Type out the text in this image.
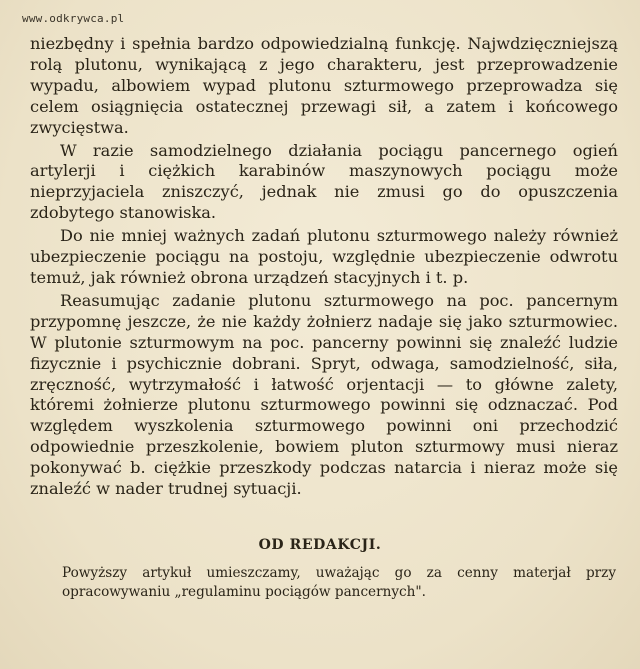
www.odkrywca.pl

niezbędny i spełnia bardzo odpowiedzialną funkcję. Najwdzięczniejszą rolą plutonu, wynikającą z jego charakteru, jest przeprowadzenie wypadu, albowiem wypad plutonu szturmowego przeprowadza się celem osiągnięcia ostatecznej przewagi sił, a zatem i końcowego zwycięstwa.

W razie samodzielnego działania pociągu pancernego ogień artylerji i ciężkich karabinów maszynowych pociągu może nieprzyjaciela zniszczyć, jednak nie zmusi go do opuszczenia zdobytego stanowiska.

Do nie mniej ważnych zadań plutonu szturmowego należy również ubezpieczenie pociągu na postoju, względnie ubezpieczenie odwrotu temuż, jak również obrona urządzeń stacyjnych i t. p.

Reasumując zadanie plutonu szturmowego na poc. pancernym przypomnę jeszcze, że nie każdy żołnierz nadaje się jako szturmowiec. W plutonie szturmowym na poc. pancerny powinni się znaleźć ludzie fizycznie i psychicznie dobrani. Spryt, odwaga, samodzielność, siła, zręczność, wytrzymałość i łatwość orjentacji — to główne zalety, któremi żołnierze plutonu szturmowego powinni się odznaczać. Pod względem wyszkolenia szturmowego powinni oni przechodzić odpowiednie przeszkolenie, bowiem pluton szturmowy musi nieraz pokonywać b. ciężkie przeszkody podczas natarcia i nieraz może się znaleźć w nader trudnej sytuacji.

OD REDAKCJI.

Powyższy artykuł umieszczamy, uważając go za cenny materjał przy opracowywaniu „regulaminu pociągów pancernych".
